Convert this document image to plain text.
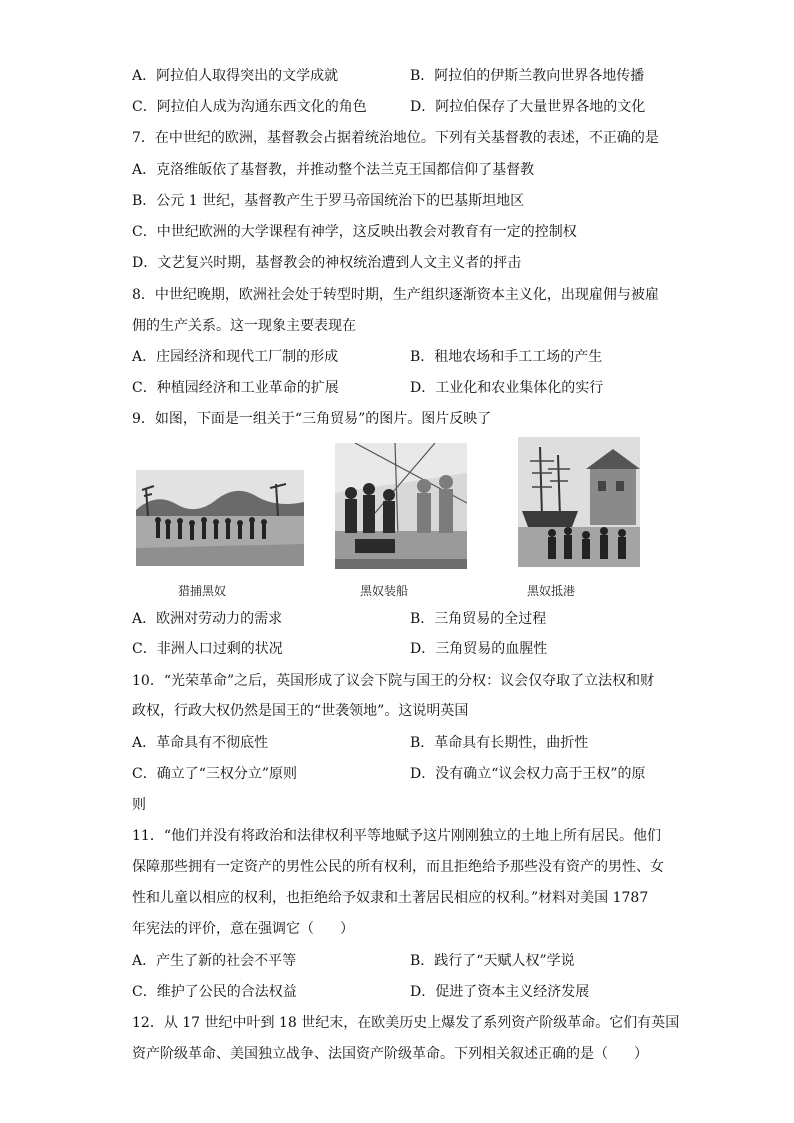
A．阿拉伯人取得突出的文学成就	B．阿拉伯的伊斯兰教向世界各地传播
C．阿拉伯人成为沟通东西文化的角色	D．阿拉伯保存了大量世界各地的文化
7．在中世纪的欧洲，基督教会占据着统治地位。下列有关基督教的表述，不正确的是
A．克洛维皈依了基督教，并推动整个法兰克王国都信仰了基督教
B．公元 1 世纪，基督教产生于罗马帝国统治下的巴基斯坦地区
C．中世纪欧洲的大学课程有神学，这反映出教会对教育有一定的控制权
D．文艺复兴时期，基督教会的神权统治遭到人文主义者的抨击
8．中世纪晚期，欧洲社会处于转型时期，生产组织逐渐资本主义化，出现雇佣与被雇
佣的生产关系。这一现象主要表现在
A．庄园经济和现代工厂制的形成	B．租地农场和手工工场的产生
C．种植园经济和工业革命的扩展	D．工业化和农业集体化的实行
9．如图，下面是一组关于“三角贸易”的图片。图片反映了
猎捕黑奴	黑奴装船	黑奴抵港
A．欧洲对劳动力的需求	B．三角贸易的全过程
C．非洲人口过剩的状况	D．三角贸易的血腥性
10．“光荣革命”之后，英国形成了议会下院与国王的分权：议会仅夺取了立法权和财
政权，行政大权仍然是国王的“世袭领地”。这说明英国
A．革命具有不彻底性	B．革命具有长期性，曲折性
C．确立了“三权分立”原则	D．没有确立“议会权力高于王权”的原
则
11．“他们并没有将政治和法律权利平等地赋予这片刚刚独立的土地上所有居民。他们
保障那些拥有一定资产的男性公民的所有权利，而且拒绝给予那些没有资产的男性、女
性和儿童以相应的权利，也拒绝给予奴隶和土著居民相应的权利。”材料对美国 1787
年宪法的评价，意在强调它（ ）
A．产生了新的社会不平等	B．践行了“天赋人权”学说
C．维护了公民的合法权益	D．促进了资本主义经济发展
12．从 17 世纪中叶到 18 世纪末，在欧美历史上爆发了系列资产阶级革命。它们有英国
资产阶级革命、美国独立战争、法国资产阶级革命。下列相关叙述正确的是（ ）
